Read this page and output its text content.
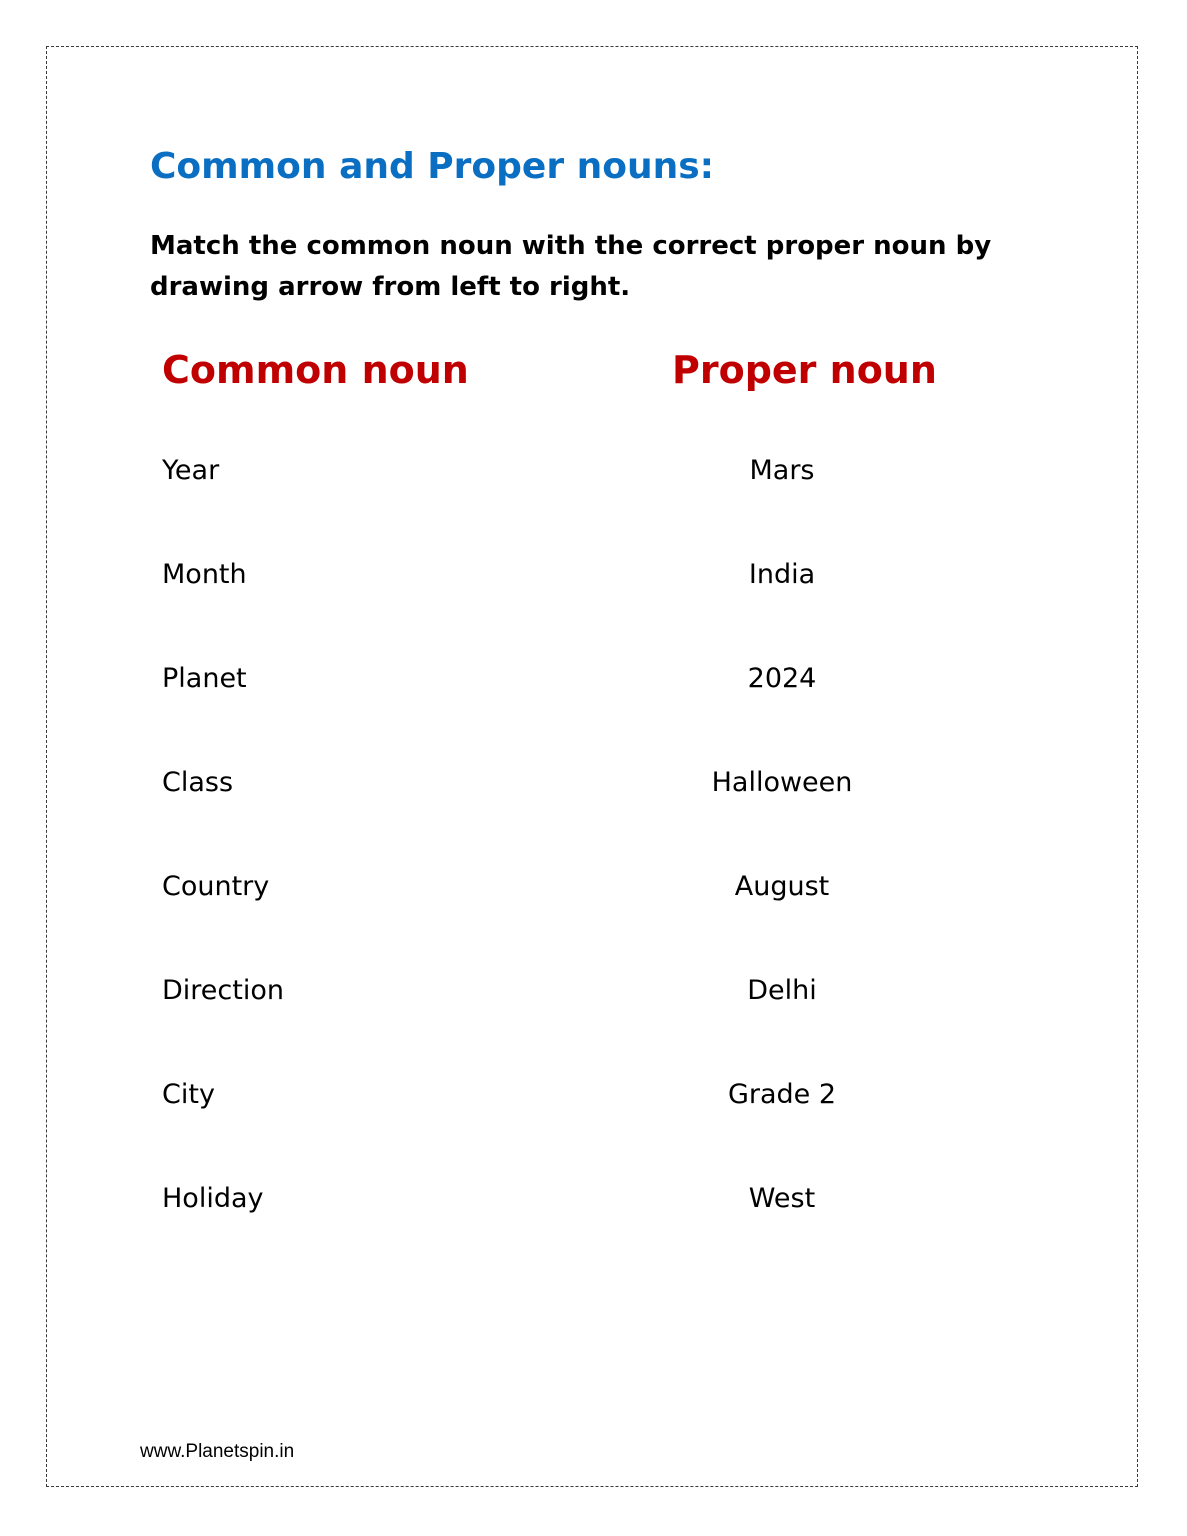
Common and Proper nouns:
Match the common noun with the correct proper noun by drawing arrow from left to right.
Common noun	Proper noun
Year
Month
Planet
Class
Country
Direction
City
Holiday
Mars
India
2024
Halloween
August
Delhi
Grade 2
West
www.Planetspin.in
